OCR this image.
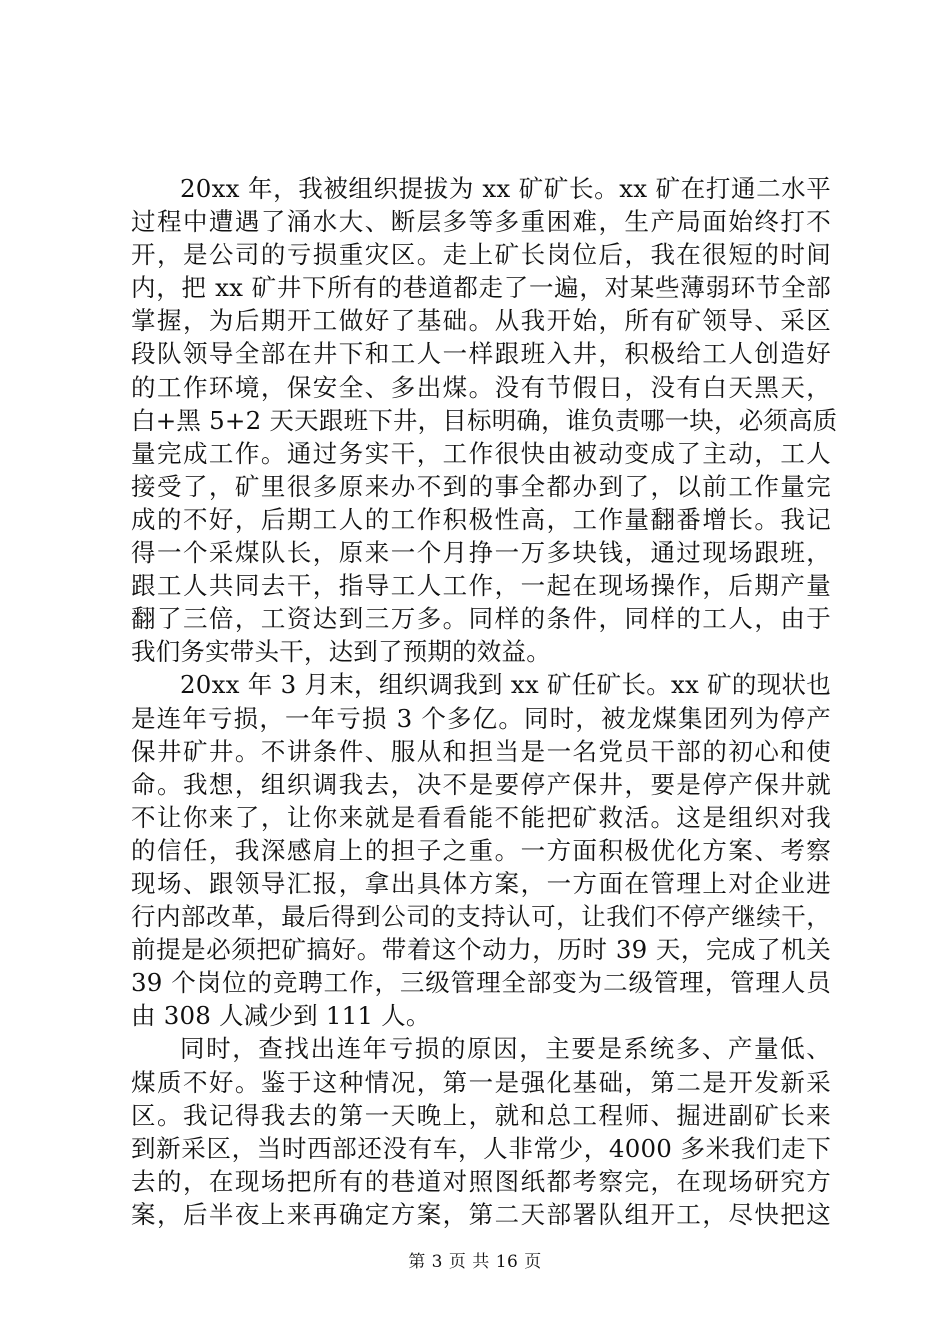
20xx 年，我被组织提拔为 xx 矿矿长。xx 矿在打通二水平
过程中遭遇了涌水大、断层多等多重困难，生产局面始终打不
开，是公司的亏损重灾区。走上矿长岗位后，我在很短的时间
内，把 xx 矿井下所有的巷道都走了一遍，对某些薄弱环节全部
掌握，为后期开工做好了基础。从我开始，所有矿领导、采区
段队领导全部在井下和工人一样跟班入井，积极给工人创造好
的工作环境，保安全、多出煤。没有节假日，没有白天黑天，
白+黑 5+2 天天跟班下井，目标明确，谁负责哪一块，必须高质
量完成工作。通过务实干，工作很快由被动变成了主动，工人
接受了，矿里很多原来办不到的事全都办到了，以前工作量完
成的不好，后期工人的工作积极性高，工作量翻番增长。我记
得一个采煤队长，原来一个月挣一万多块钱，通过现场跟班，
跟工人共同去干，指导工人工作，一起在现场操作，后期产量
翻了三倍，工资达到三万多。同样的条件，同样的工人，由于
我们务实带头干，达到了预期的效益。
20xx 年 3 月末，组织调我到 xx 矿任矿长。xx 矿的现状也
是连年亏损，一年亏损 3 个多亿。同时，被龙煤集团列为停产
保井矿井。不讲条件、服从和担当是一名党员干部的初心和使
命。我想，组织调我去，决不是要停产保井，要是停产保井就
不让你来了，让你来就是看看能不能把矿救活。这是组织对我
的信任，我深感肩上的担子之重。一方面积极优化方案、考察
现场、跟领导汇报，拿出具体方案，一方面在管理上对企业进
行内部改革，最后得到公司的支持认可，让我们不停产继续干，
前提是必须把矿搞好。带着这个动力，历时 39 天，完成了机关
39 个岗位的竞聘工作，三级管理全部变为二级管理，管理人员
由 308 人减少到 111 人。
同时，查找出连年亏损的原因，主要是系统多、产量低、
煤质不好。鉴于这种情况，第一是强化基础，第二是开发新采
区。我记得我去的第一天晚上，就和总工程师、掘进副矿长来
到新采区，当时西部还没有车，人非常少，4000 多米我们走下
去的，在现场把所有的巷道对照图纸都考察完，在现场研究方
案，后半夜上来再确定方案，第二天部署队组开工，尽快把这
第 3 页 共 16 页
